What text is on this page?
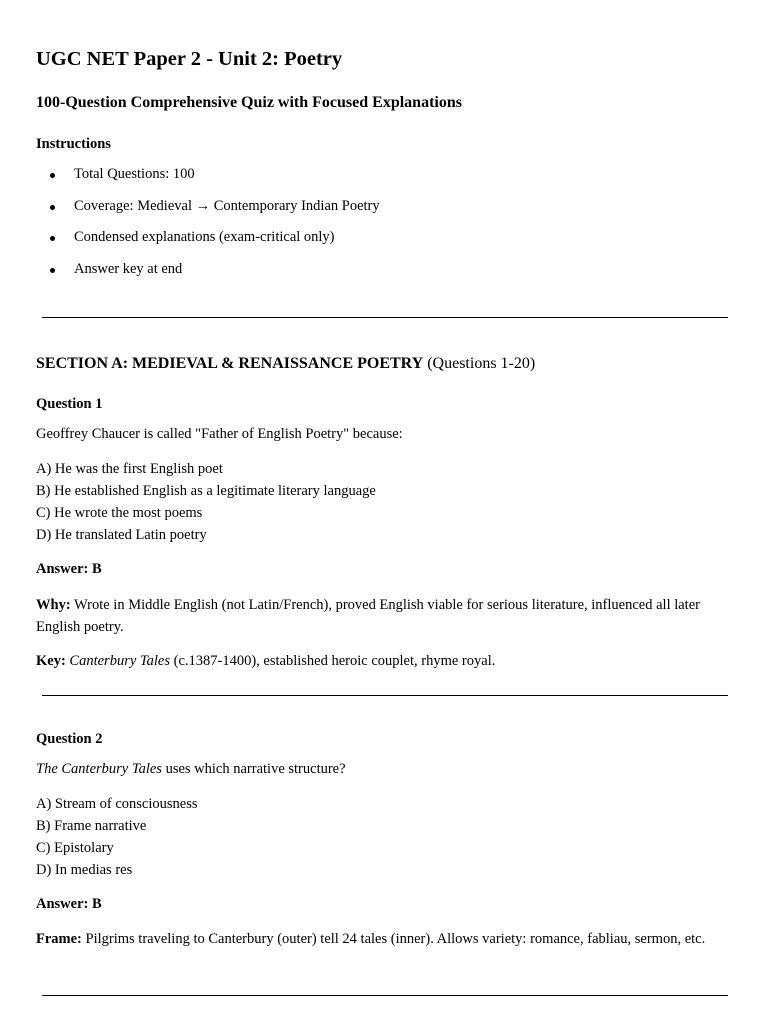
UGC NET Paper 2 - Unit 2: Poetry
100-Question Comprehensive Quiz with Focused Explanations
Instructions
Total Questions: 100
Coverage: Medieval → Contemporary Indian Poetry
Condensed explanations (exam-critical only)
Answer key at end
SECTION A: MEDIEVAL & RENAISSANCE POETRY (Questions 1-20)
Question 1
Geoffrey Chaucer is called "Father of English Poetry" because:
A) He was the first English poet
B) He established English as a legitimate literary language
C) He wrote the most poems
D) He translated Latin poetry
Answer: B
Why: Wrote in Middle English (not Latin/French), proved English viable for serious literature, influenced all later English poetry.
Key: Canterbury Tales (c.1387-1400), established heroic couplet, rhyme royal.
Question 2
The Canterbury Tales uses which narrative structure?
A) Stream of consciousness
B) Frame narrative
C) Epistolary
D) In medias res
Answer: B
Frame: Pilgrims traveling to Canterbury (outer) tell 24 tales (inner). Allows variety: romance, fabliau, sermon, etc.
